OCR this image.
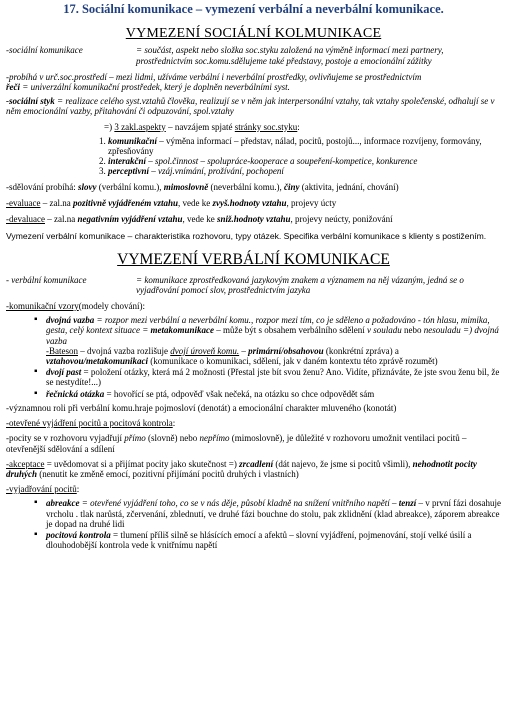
17. Sociální komunikace – vymezení verbální a neverbální komunikace.
VYMEZENÍ SOCIÁLNÍ KOLMUNIKACE
-sociální komunikace	= součást, aspekt nebo složka soc.styku založená na výměně informací mezi partnery, prostřednictvím soc.komu.sdělujeme také představy, postoje a emocionální zážitky

-probíhá v urč.soc.prostředí – mezi lidmi, užíváme verbální i neverbální prostředky, ovlivňujeme se prostřednictvím
řeči = univerzální komunikační prostředek, který je doplněn neverbálními syst.

-sociální styk = realizace celého syst.vztahů člověka, realizují se v něm jak interpersonální vztahy, tak vztahy společenské, odhalují se v něm emocionální vazby, přitahování či odpuzování, spol.vztahy

=) 3 zakl.aspekty – navzájem spjaté stránky soc.styku:

1. komunikační – výměna informací – představ, nálad, pocitů, postojů..., informace rozvíjeny, formovány, zpřesňovány
2. interakční – spol.činnost – spolupráce-kooperace a soupeření-kompetice, konkurence
3. perceptivní – vzáj.vnímání, prožívání, pochopení

-sdělování probíhá: slovy (verbální komu.), mimoslovně (neverbální komu.), činy (aktivita, jednání, chování)

-evaluace – zal.na pozitivně vyjádřeném vztahu, vede ke zvyš.hodnoty vztahu, projevy úcty

-devaluace – zal.na negativním vyjádření vztahu, vede ke sniž.hodnoty vztahu, projevy neúcty, ponižování

Vymezení verbální komunikace – charakteristika rozhovoru, typy otázek. Specifika verbální komunikace s klienty s postižením.

VYMEZENÍ VERBÁLNÍ KOMUNIKACE
- verbální komunikace	= komunikace zprostředkovaná jazykovým znakem a významem na něj vázaným, jedná se o vyjadřování pomocí slov, prostřednictvím jazyka

-komunikační vzory(modely chování):

▪ dvojná vazba = rozpor mezi verbální a neverbální komu., rozpor mezi tím, co je sděleno a požadováno - tón hlasu, mimika, gesta, celý kontext situace = metakomunikace – může být s obsahem verbálního sdělení v souladu nebo nesouladu =) dvojná vazba
-Bateson – dvojná vazba rozlišuje dvojí úroveň komu. – primární/obsahovou (konkrétní zpráva) a vztahovou/metakomunikaci (komunikace o komunikaci, sdělení, jak v daném kontextu této zprávě rozumět)
▪ dvojí past = položení otázky, která má 2 možnosti (Přestal jste bít svou ženu? Ano. Vidíte, přiznáváte, že jste svou ženu bil, že se nestydíte!...)
▪ řečnická otázka = hovořící se ptá, odpověď však nečeká, na otázku so chce odpovědět sám

-významnou roli při verbální komu.hraje pojmosloví (denotát) a emocionální charakter mluveného (konotát)

-otevřené vyjádření pocitů a pocitová kontrola:

-pocity se v rozhovoru vyjadřují přímo (slovně) nebo nepřímo (mimoslovně), je důležité v rozhovoru umožnit ventilaci pocitů – otevřenější sdělování a sdílení

-akceptace = uvědomovat si a přijímat pocity jako skutečnost =) zrcadlení (dát najevo, že jsme si pocitů všimli), nehodnotit pocity druhých (nenutit ke změně emocí, pozitivní přijímání pocitů druhých i vlastních)

-vyjadřování pocitů:

▪ abreakce = otevřené vyjádření toho, co se v nás děje, působí kladně na snížení vnitřního napětí – tenzí – v první fázi dosahuje vrcholu . tlak narůstá, zčervenání, zblednutí, ve druhé fázi bouchne do stolu, pak zklidnění (klad abreakce), záporem abreakce je dopad na druhé lidi
▪ pocitová kontrola = tlumení příliš silně se hlásících emocí a afektů – slovní vyjádření, pojmenování, stojí velké úsilí a dlouhodobější kontrola vede k vnitřnímu napětí
